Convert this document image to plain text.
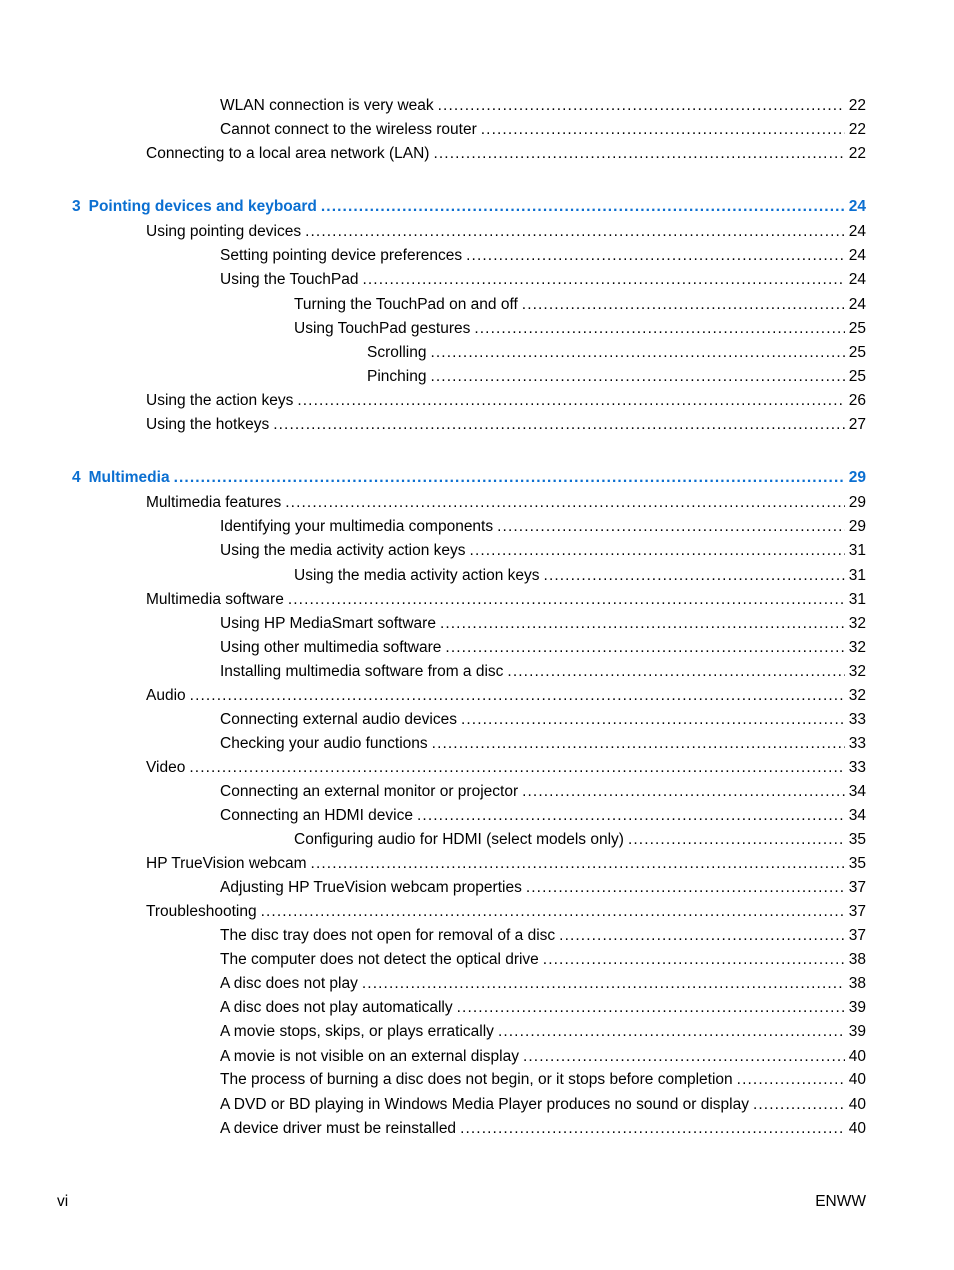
WLAN connection is very weak . . .	22
Cannot connect to the wireless router . . .	22
Connecting to a local area network (LAN) . . .	22
3 Pointing devices and keyboard . . .	24
Using pointing devices . . .	24
Setting pointing device preferences . . .	24
Using the TouchPad . . .	24
Turning the TouchPad on and off . . .	24
Using TouchPad gestures . . .	25
Scrolling . . .	25
Pinching . . .	25
Using the action keys . . .	26
Using the hotkeys . . .	27
4 Multimedia . . .	29
Multimedia features . . .	29
Identifying your multimedia components . . .	29
Using the media activity action keys . . .	31
Using the media activity action keys . . .	31
Multimedia software . . .	31
Using HP MediaSmart software . . .	32
Using other multimedia software . . .	32
Installing multimedia software from a disc . . .	32
Audio . . .	32
Connecting external audio devices . . .	33
Checking your audio functions . . .	33
Video . . .	33
Connecting an external monitor or projector . . .	34
Connecting an HDMI device . . .	34
Configuring audio for HDMI (select models only) . . .	35
HP TrueVision webcam . . .	35
Adjusting HP TrueVision webcam properties . . .	37
Troubleshooting . . .	37
The disc tray does not open for removal of a disc . . .	37
The computer does not detect the optical drive . . .	38
A disc does not play . . .	38
A disc does not play automatically . . .	39
A movie stops, skips, or plays erratically . . .	39
A movie is not visible on an external display . . .	40
The process of burning a disc does not begin, or it stops before completion . . .	40
A DVD or BD playing in Windows Media Player produces no sound or display . . .	40
A device driver must be reinstalled . . .	40
vi	ENWW
